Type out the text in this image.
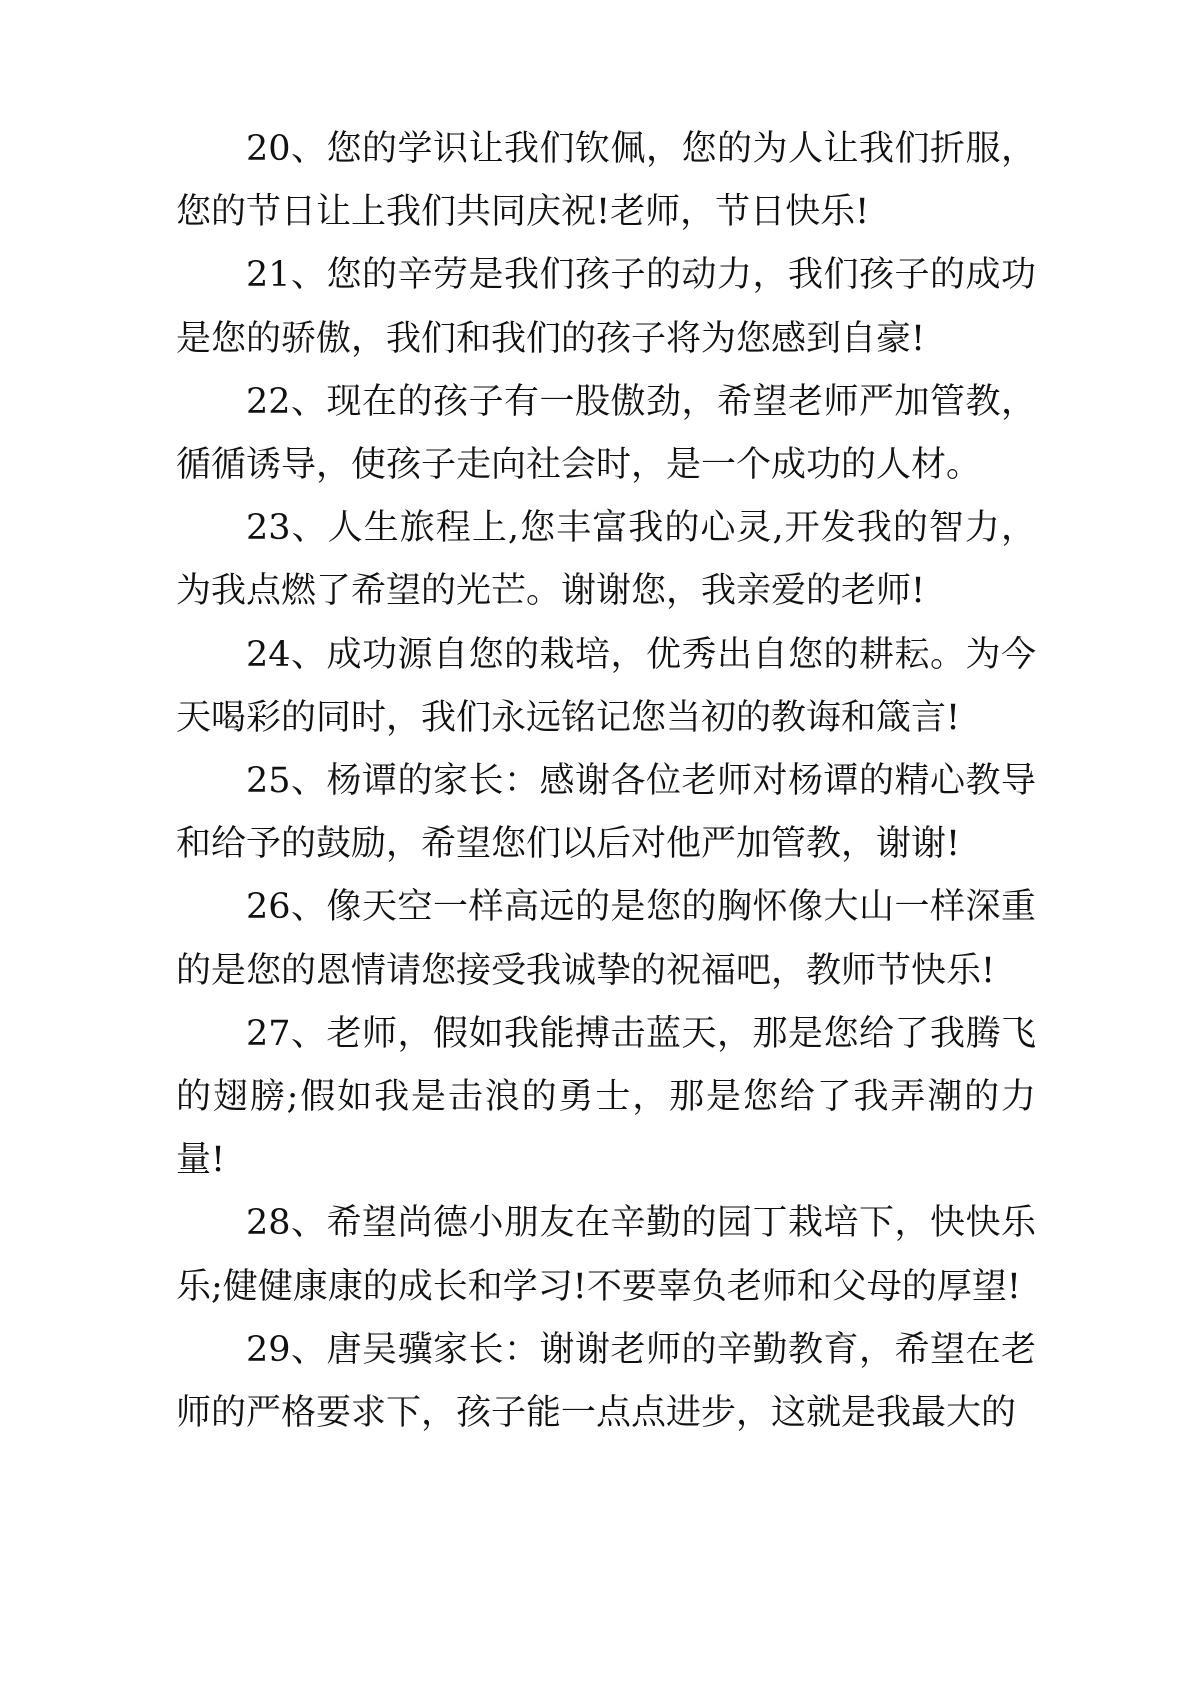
20、您的学识让我们钦佩，您的为人让我们折服，您的节日让上我们共同庆祝!老师，节日快乐!

21、您的辛劳是我们孩子的动力，我们孩子的成功是您的骄傲，我们和我们的孩子将为您感到自豪!

22、现在的孩子有一股傲劲，希望老师严加管教，循循诱导，使孩子走向社会时，是一个成功的人材。

23、人生旅程上,您丰富我的心灵,开发我的智力，为我点燃了希望的光芒。谢谢您，我亲爱的老师!

24、成功源自您的栽培，优秀出自您的耕耘。为今天喝彩的同时，我们永远铭记您当初的教诲和箴言!

25、杨谭的家长：感谢各位老师对杨谭的精心教导和给予的鼓励，希望您们以后对他严加管教，谢谢!

26、像天空一样高远的是您的胸怀像大山一样深重的是您的恩情请您接受我诚挚的祝福吧，教师节快乐!

27、老师，假如我能搏击蓝天，那是您给了我腾飞的翅膀;假如我是击浪的勇士，那是您给了我弄潮的力量!

28、希望尚德小朋友在辛勤的园丁栽培下，快快乐乐;健健康康的成长和学习!不要辜负老师和父母的厚望!

29、唐吴骥家长：谢谢老师的辛勤教育，希望在老师的严格要求下，孩子能一点点进步，这就是我最大的
